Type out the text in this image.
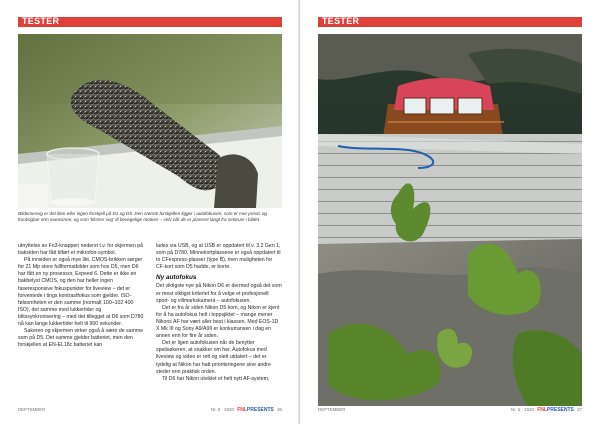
TESTER
Bildemessig er det liten eller ingen forskjell på D1 og D5. Den største forskjellen ligger i autofokusen, som er mer presis og forutsigbar enn noensinne, og som 'klistrer seg' til bevegelige motiver – selv når de er plassert langt fra sentrum i bildet.

utnyttelse av Fn3-knappen nederst t.v. for skjermen på baksiden har fått tilført et mikrofon-symbol.

På innsiden er også mye likt. CMOS-brikken sørger for 21 Mp store fullformatbilder som hos D5, men D6 har fått en ny prosessor, Expeed 6. Dette er ikke en bakbelyst CMOS, og den har heller ingen faseresponsive fokuspunkter for liveview – det er forventede i tings kontrastfokus som gjelder. ISO-følsomheten er den samme (normalt 100–102 400 ISO), det samme med lukkertider og blitssynkronisering – med det tillegget at D6 som D780 nå kan lange lukkertider helt til 900 sekunder.

Sakeren og skjermen virker også å være de samme som på D5. Det samme gjelder batteriet, men den forskjellen at EN-EL18c batteriet kan

lades via USB, og at USB er oppdatert til v. 3.2 Gen 1, som på D780. Minnekortplassene er også oppdatert til to CFexpress-plasser (type B), men muligheten for CF-kort som D5 hadde, er borte.

Ny autofokus

Det viktigste nye på Nikon D6 er dermed også det som er mest viktigst kriteriet for å velge et profesjonelt sport- og villmarkskamera – autofokusen.

Det er fra år siden Nikon D5 kom, og Nikon er kjent for å ha autofokus helt i toppsjiktet – mange mener Nikons AF har vært aller best i klassen. Med EOS-1D X Mk III og Sony A9/A9II er konkurransen i dag en annen enn for fire år siden.

Det er ligen autofokusen når de benytter speilsøkeren, at snakker om her. Autofokus med liveview og video er rett og slett utdatert – det er tydelig at Nikon har hatt prioriteringene sine andre steder enn praktisk orden.

Til D6 har Nikon utviklet et helt nytt AF-system,

DEPTEMBER	Nr. 5 · 2020 FNLPRESENTS 36
TESTER
DEPTEMBER	Nr. 5 · 2020 FNLPRESENTS 37
